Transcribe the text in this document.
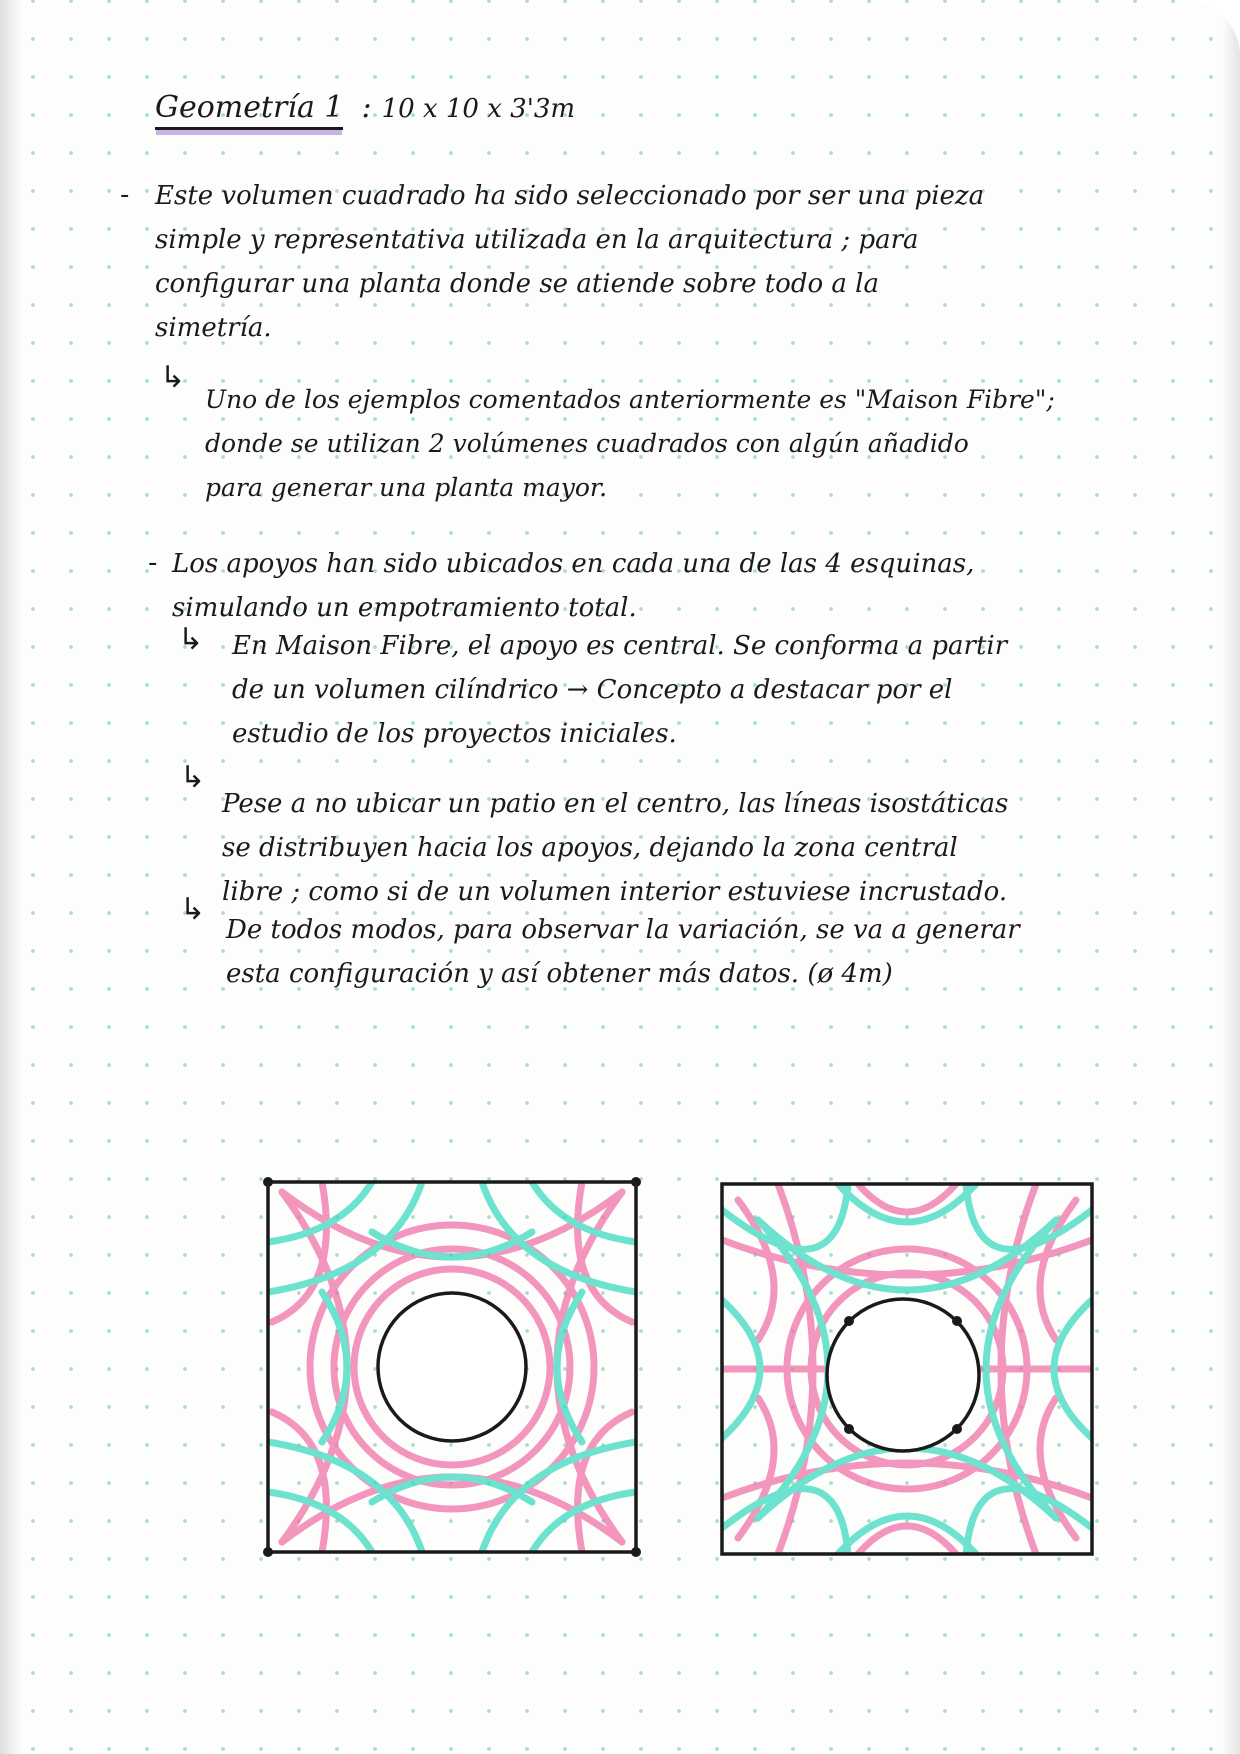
Geometría 1 : 10 x 10 x 3'3m
- Este volumen cuadrado ha sido seleccionado por ser una pieza
simple y representativa utilizada en la arquitectura ; para
configurar una planta donde se atiende sobre todo a la
simetría.
↳
Uno de los ejemplos comentados anteriormente es "Maison Fibre";
donde se utilizan 2 volúmenes cuadrados con algún añadido
para generar una planta mayor.
- Los apoyos han sido ubicados en cada una de las 4 esquinas,
simulando un empotramiento total.
↳ En Maison Fibre, el apoyo es central. Se conforma a partir
de un volumen cilíndrico → Concepto a destacar por el
estudio de los proyectos iniciales.
↳
Pese a no ubicar un patio en el centro, las líneas isostáticas
se distribuyen hacia los apoyos, dejando la zona central
libre ; como si de un volumen interior estuviese incrustado.
↳
De todos modos, para observar la variación, se va a generar
esta configuración y así obtener más datos. (ø 4m)
